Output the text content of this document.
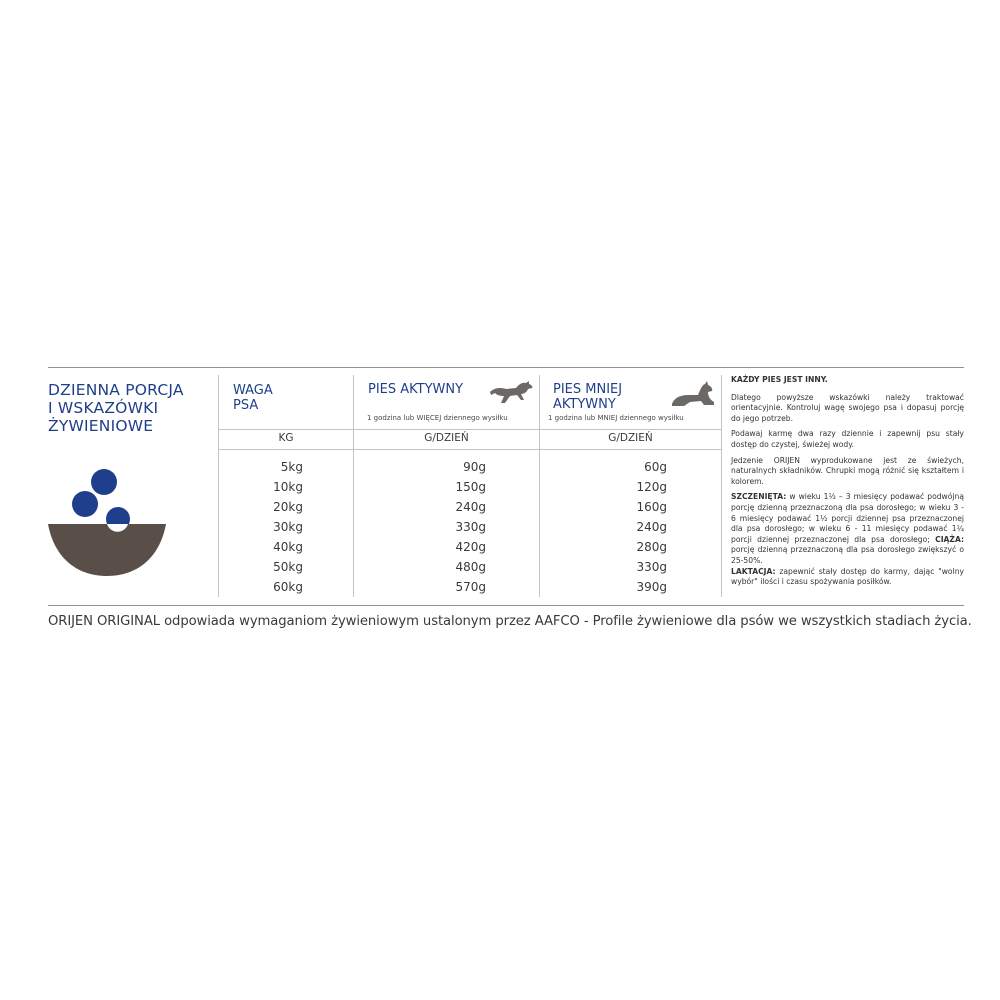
DZIENNA PORCJA
I WSKAZÓWKI
ŻYWIENIOWE
WAGA
PSA
PIES AKTYWNY
1 godzina lub WIĘCEJ dziennego wysiłku
PIES MNIEJ
AKTYWNY
1 godzina lub MNIEJ dziennego wysiłku
KG	G/DZIEŃ	G/DZIEŃ
5kg	90g	60g
10kg	150g	120g
20kg	240g	160g
30kg	330g	240g
40kg	420g	280g
50kg	480g	330g
60kg	570g	390g

KAŻDY PIES JEST INNY.

Dlatego powyższe wskazówki należy traktować orientacyjnie. Kontroluj wagę swojego psa i dopasuj porcję do jego potrzeb.

Podawaj karmę dwa razy dziennie i zapewnij psu stały dostęp do czystej, świeżej wody.

Jedzenie ORIJEN wyprodukowane jest ze świeżych, naturalnych składników. Chrupki mogą różnić się kształtem i kolorem.

SZCZENIĘTA: w wieku 1½ – 3 miesięcy podawać podwójną porcję dzienną przeznaczoną dla psa dorosłego; w wieku 3 - 6 miesięcy podawać 1½ porcji dziennej psa przeznaczonej dla psa dorosłego; w wieku 6 - 11 miesięcy podawać 1¼ porcji dziennej przeznaczonej dla psa dorosłego; CIĄŻA: porcję dzienną przeznaczoną dla psa dorosłego zwiększyć o 25-50%.
LAKTACJA: zapewnić stały dostęp do karmy, dając "wolny wybór" ilości i czasu spożywania posiłków.

ORIJEN ORIGINAL odpowiada wymaganiom żywieniowym ustalonym przez AAFCO - Profile żywieniowe dla psów we wszystkich stadiach życia.
